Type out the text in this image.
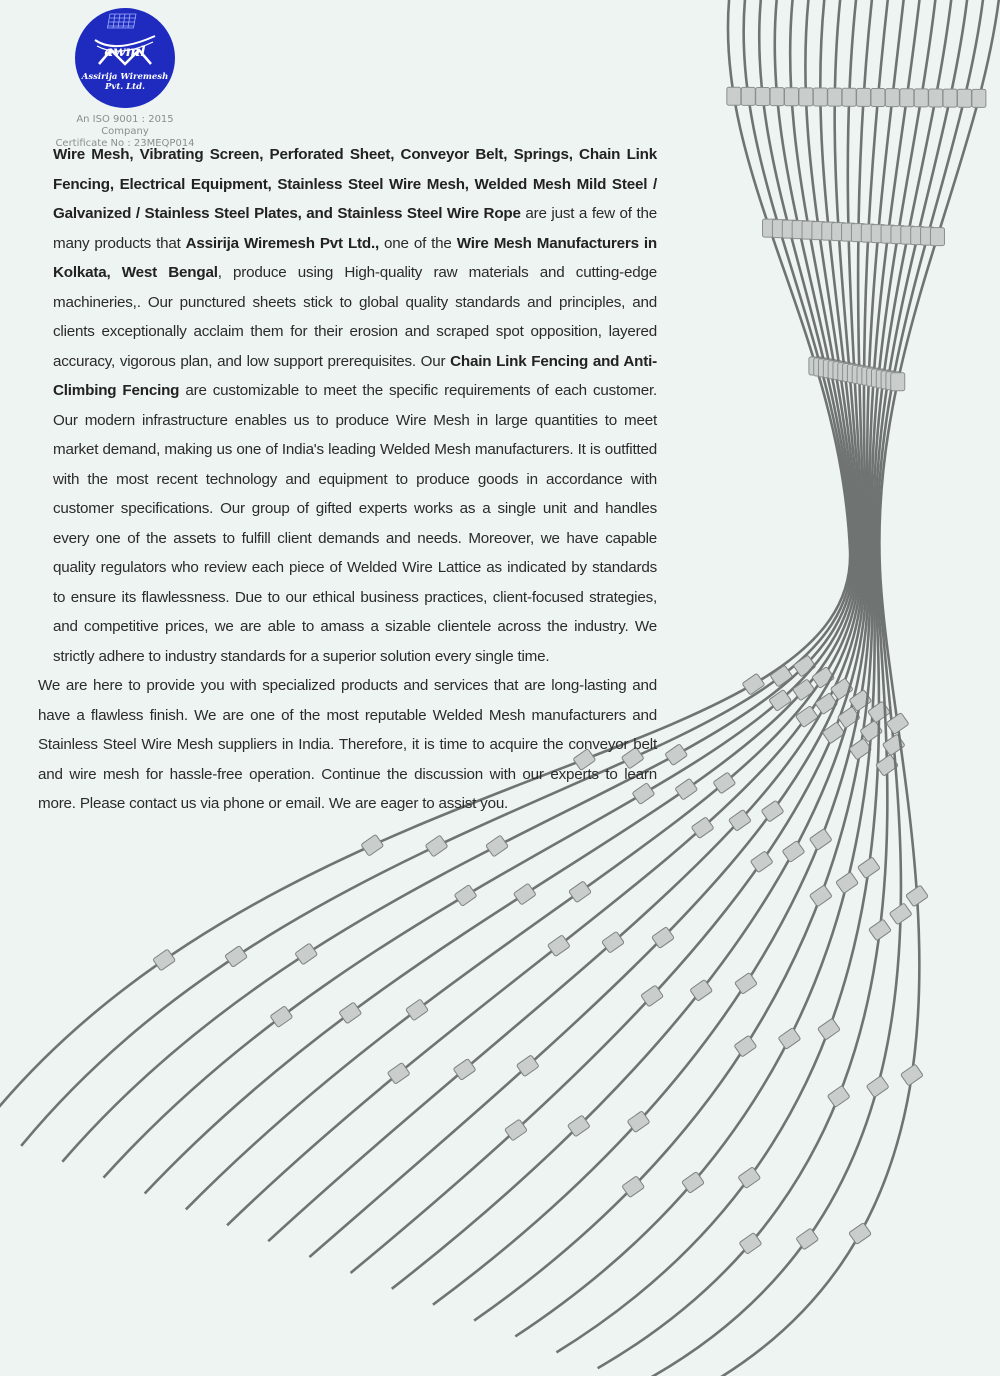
awml
Assirija Wiremesh
Pvt. Ltd.
An ISO 9001 : 2015 Company
Certificate No : 23MEQP014

Wire Mesh, Vibrating Screen, Perforated Sheet, Conveyor Belt, Springs, Chain Link Fencing, Electrical Equipment, Stainless Steel Wire Mesh, Welded Mesh Mild Steel / Galvanized / Stainless Steel Plates, and Stainless Steel Wire Rope are just a few of the many products that Assirija Wiremesh Pvt Ltd., one of the Wire Mesh Manufacturers in Kolkata, West Bengal, produce using High-quality raw materials and cutting-edge machineries,. Our punctured sheets stick to global quality standards and principles, and clients exceptionally acclaim them for their erosion and scraped spot opposition, layered accuracy, vigorous plan, and low support prerequisites. Our Chain Link Fencing and Anti-Climbing Fencing are customizable to meet the specific requirements of each customer. Our modern infrastructure enables us to produce Wire Mesh in large quantities to meet market demand, making us one of India's leading Welded Mesh manufacturers. It is outfitted with the most recent technology and equipment to produce goods in accordance with customer specifications. Our group of gifted experts works as a single unit and handles every one of the assets to fulfill client demands and needs. Moreover, we have capable quality regulators who review each piece of Welded Wire Lattice as indicated by standards to ensure its flawlessness. Due to our ethical business practices, client-focused strategies, and competitive prices, we are able to amass a sizable clientele across the industry. We strictly adhere to industry standards for a superior solution every single time.

We are here to provide you with specialized products and services that are long-lasting and have a flawless finish. We are one of the most reputable Welded Mesh manufacturers and Stainless Steel Wire Mesh suppliers in India. Therefore, it is time to acquire the conveyor belt and wire mesh for hassle-free operation. Continue the discussion with our experts to learn more. Please contact us via phone or email. We are eager to assist you.
